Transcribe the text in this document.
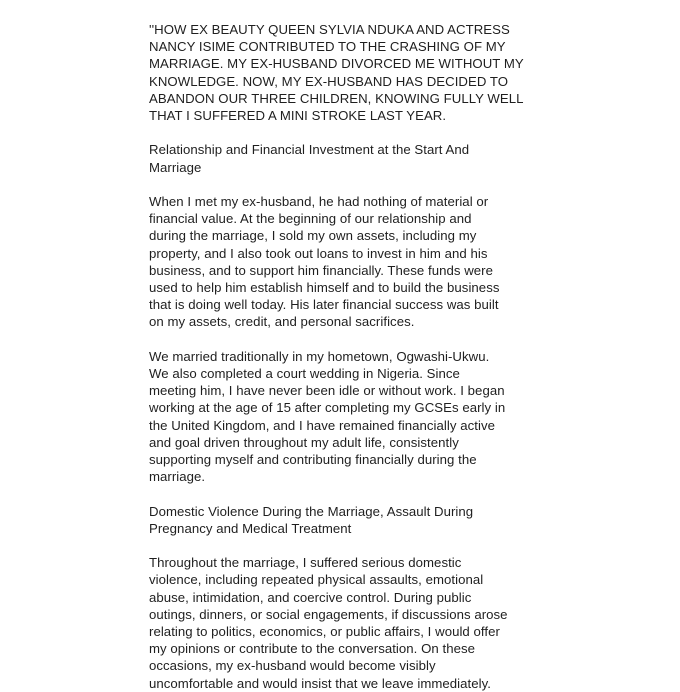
''HOW EX BEAUTY QUEEN SYLVIA NDUKA AND ACTRESS
NANCY ISIME CONTRIBUTED TO THE CRASHING OF MY
MARRIAGE. MY EX-HUSBAND DIVORCED ME WITHOUT MY
KNOWLEDGE. NOW, MY EX-HUSBAND HAS DECIDED TO
ABANDON OUR THREE CHILDREN, KNOWING FULLY WELL
THAT I SUFFERED A MINI STROKE LAST YEAR.
Relationship and Financial Investment at the Start And
Marriage
When I met my ex-husband, he had nothing of material or
financial value. At the beginning of our relationship and
during the marriage, I sold my own assets, including my
property, and I also took out loans to invest in him and his
business, and to support him financially. These funds were
used to help him establish himself and to build the business
that is doing well today. His later financial success was built
on my assets, credit, and personal sacrifices.
We married traditionally in my hometown, Ogwashi-Ukwu.
We also completed a court wedding in Nigeria. Since
meeting him, I have never been idle or without work. I began
working at the age of 15 after completing my GCSEs early in
the United Kingdom, and I have remained financially active
and goal driven throughout my adult life, consistently
supporting myself and contributing financially during the
marriage.
Domestic Violence During the Marriage, Assault During
Pregnancy and Medical Treatment
Throughout the marriage, I suffered serious domestic
violence, including repeated physical assaults, emotional
abuse, intimidation, and coercive control. During public
outings, dinners, or social engagements, if discussions arose
relating to politics, economics, or public affairs, I would offer
my opinions or contribute to the conversation. On these
occasions, my ex-husband would become visibly
uncomfortable and would insist that we leave immediately.
